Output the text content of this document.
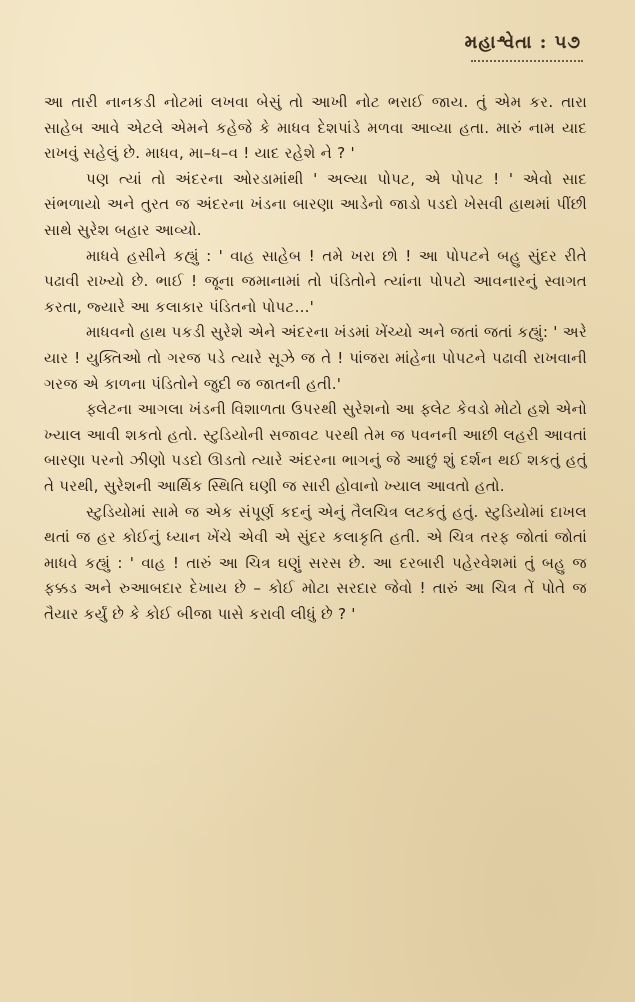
મહાશ્વેતા : ૫૭

આ તારી નાનકડી નોટમાં લખવા બેસું તો આખી નોટ ભરાઈ જાય. તું એમ કર. તારા સાહેબ આવે એટલે એમને કહેજે કે માધવ દેશપાંડે મળવા આવ્યા હતા. મારું નામ યાદ રાખવું સહેલું છે. માધવ, મા–ધ–વ ! યાદ રહેશે ને ? '

પણ ત્યાં તો અંદરના ઓરડામાંથી ' અલ્યા પોપટ, એ પોપટ ! ' એવો સાદ સંભળાયો અને તુરત જ અંદરના ખંડના બારણા આડેનો જાડો પડદો ખેસવી હાથમાં પીંછી સાથે સુરેશ બહાર આવ્યો.

માધવે હસીને કહ્યું : ' વાહ સાહેબ ! તમે ખરા છો ! આ પોપટને બહુ સુંદર રીતે પઢાવી રાખ્યો છે. ભાઈ ! જૂના જમાનામાં તો પંડિતોને ત્યાંના પોપટો આવનારનું સ્વાગત કરતા, જ્યારે આ કલાકાર પંડિતનો પોપટ...'

માધવનો હાથ પકડી સુરેશે એને અંદરના ખંડમાં ખેંચ્યો અને જતાં જતાં કહ્યું: ' અરે યાર ! યુક્તિઓ તો ગરજ પડે ત્યારે સૂઝે જ તે ! પાંજરા માંહેના પોપટને પઢાવી રાખવાની ગરજ એ કાળના પંડિતોને જુદી જ જાતની હતી.'

ફ્લેટના આગલા ખંડની વિશાળતા ઉપરથી સુરેશનો આ ફ્લેટ કેવડો મોટો હશે એનો ખ્યાલ આવી શકતો હતો. સ્ટુડિયોની સજાવટ પરથી તેમ જ પવનની આછી લહરી આવતાં બારણા પરનો ઝીણો પડદો ઊડતો ત્યારે અંદરના ભાગનું જે આછું શું દર્શન થઈ શકતું હતું તે પરથી, સુરેશની આર્થિક સ્થિતિ ઘણી જ સારી હોવાનો ખ્યાલ આવતો હતો.

સ્ટુડિયોમાં સામે જ એક સંપૂર્ણ કદનું એનું તૈલચિત્ર લટકતું હતું. સ્ટુડિયોમાં દાખલ થતાં જ હર કોઈનું ધ્યાન ખેંચે એવી એ સુંદર કલાકૃતિ હતી. એ ચિત્ર તરફ જોતાં જોતાં માધવે કહ્યું : ' વાહ ! તારું આ ચિત્ર ઘણું સરસ છે. આ દરબારી પહેરવેશમાં તું બહુ જ ફક્કડ અને રુઆબદાર દેખાય છે – કોઈ મોટા સરદાર જેવો ! તારું આ ચિત્ર તેં પોતે જ તૈયાર કર્યું છે કે કોઈ બીજા પાસે કરાવી લીધું છે ? '
